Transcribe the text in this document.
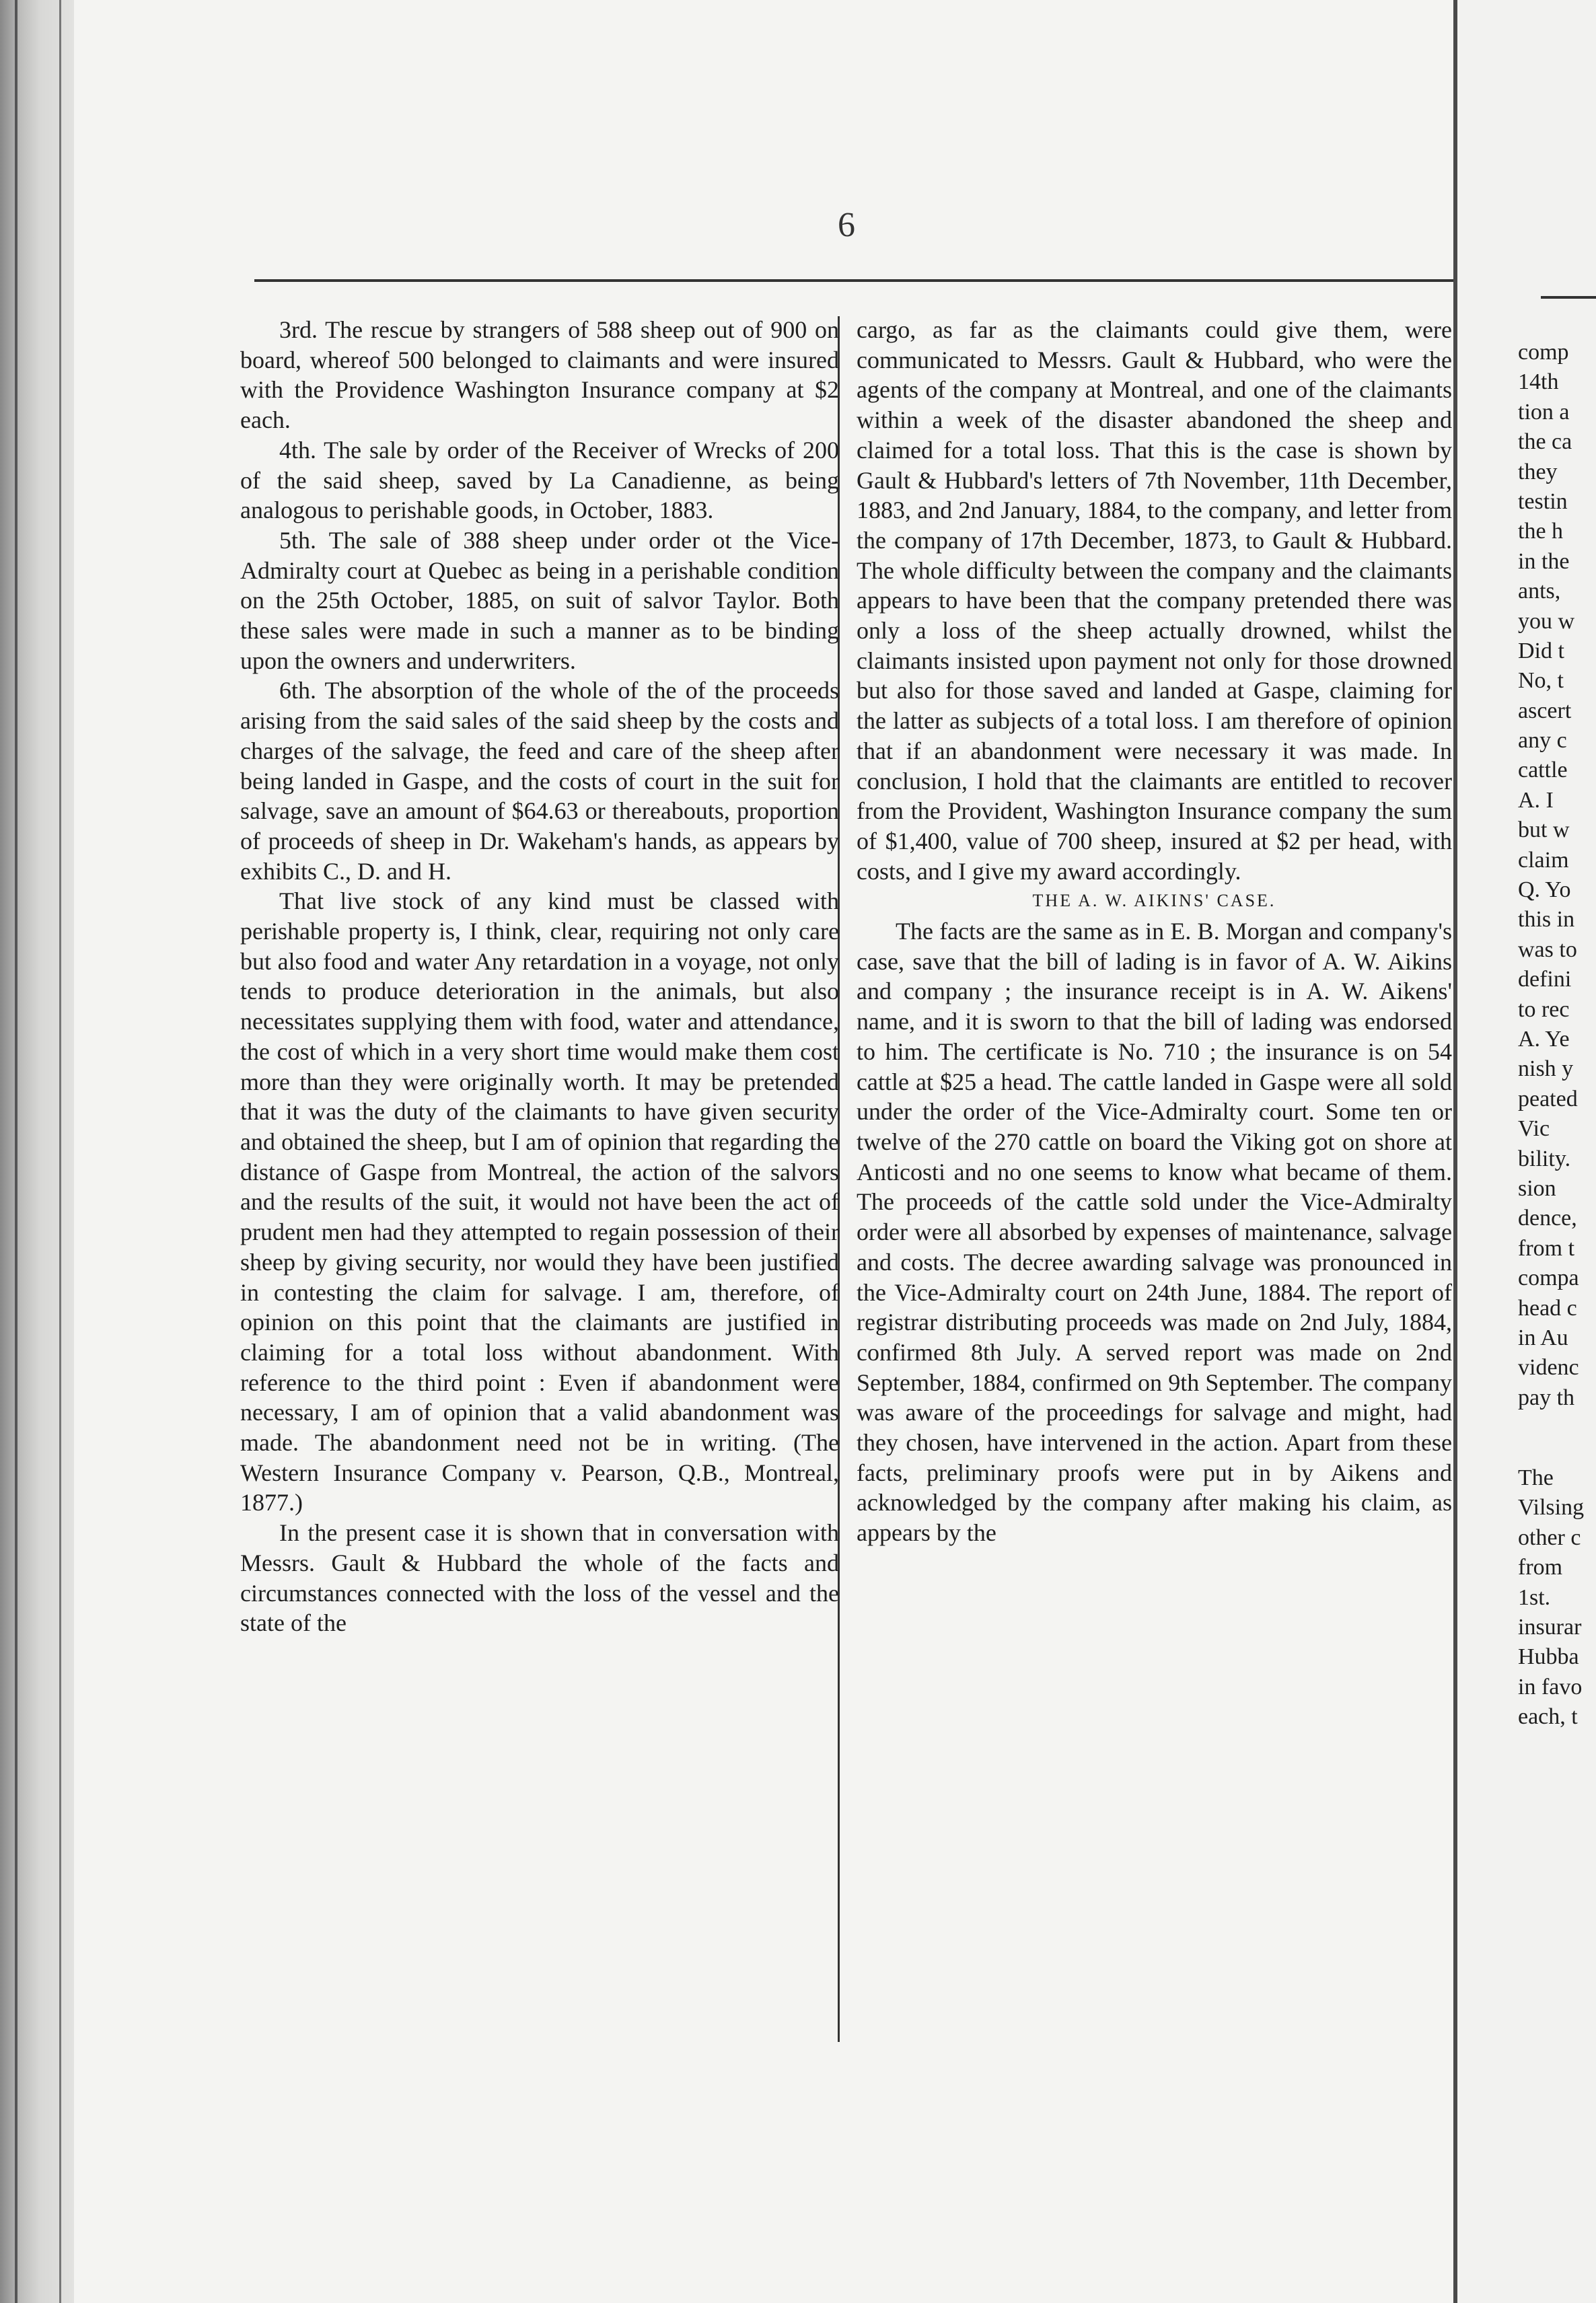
6

3rd. The rescue by strangers of 588 sheep out of 900 on board, whereof 500 belonged to claimants and were insured with the Providence Washington Insurance company at $2 each.

4th. The sale by order of the Receiver of Wrecks of 200 of the said sheep, saved by La Canadienne, as being analogous to perishable goods, in October, 1883.

5th. The sale of 388 sheep under order ot the Vice-Admiralty court at Quebec as being in a perishable condition on the 25th October, 1885, on suit of salvor Taylor. Both these sales were made in such a manner as to be binding upon the owners and underwriters.

6th. The absorption of the whole of the of the proceeds arising from the said sales of the said sheep by the costs and charges of the salvage, the feed and care of the sheep after being landed in Gaspe, and the costs of court in the suit for salvage, save an amount of $64.63 or thereabouts, proportion of proceeds of sheep in Dr. Wakeham's hands, as appears by exhibits C., D. and H.

That live stock of any kind must be classed with perishable property is, I think, clear, requiring not only care but also food and water Any retardation in a voyage, not only tends to produce deterioration in the animals, but also necessitates supplying them with food, water and attendance, the cost of which in a very short time would make them cost more than they were originally worth. It may be pretended that it was the duty of the claimants to have given security and obtained the sheep, but I am of opinion that regarding the distance of Gaspe from Montreal, the action of the salvors and the results of the suit, it would not have been the act of prudent men had they attempted to regain possession of their sheep by giving security, nor would they have been justified in contesting the claim for salvage. I am, therefore, of opinion on this point that the claimants are justified in claiming for a total loss without abandonment. With reference to the third point : Even if abandonment were necessary, I am of opinion that a valid abandonment was made. The abandonment need not be in writing. (The Western Insurance Company v. Pearson, Q.B., Montreal, 1877.)

In the present case it is shown that in conversation with Messrs. Gault & Hubbard the whole of the facts and circumstances connected with the loss of the vessel and the state of the

cargo, as far as the claimants could give them, were communicated to Messrs. Gault & Hubbard, who were the agents of the company at Montreal, and one of the claimants within a week of the disaster abandoned the sheep and claimed for a total loss. That this is the case is shown by Gault & Hubbard's letters of 7th November, 11th December, 1883, and 2nd January, 1884, to the company, and letter from the company of 17th December, 1873, to Gault & Hubbard. The whole difficulty between the company and the claimants appears to have been that the company pretended there was only a loss of the sheep actually drowned, whilst the claimants insisted upon payment not only for those drowned but also for those saved and landed at Gaspe, claiming for the latter as subjects of a total loss. I am therefore of opinion that if an abandonment were necessary it was made. In conclusion, I hold that the claimants are entitled to recover from the Provident, Washington Insurance company the sum of $1,400, value of 700 sheep, insured at $2 per head, with costs, and I give my award accordingly.

THE A. W. AIKINS' CASE.

The facts are the same as in E. B. Morgan and company's case, save that the bill of lading is in favor of A. W. Aikins and company ; the insurance receipt is in A. W. Aikens' name, and it is sworn to that the bill of lading was endorsed to him. The certificate is No. 710 ; the insurance is on 54 cattle at $25 a head. The cattle landed in Gaspe were all sold under the order of the Vice-Admiralty court. Some ten or twelve of the 270 cattle on board the Viking got on shore at Anticosti and no one seems to know what became of them. The proceeds of the cattle sold under the Vice-Admiralty order were all absorbed by expenses of maintenance, salvage and costs. The decree awarding salvage was pronounced in the Vice-Admiralty court on 24th June, 1884. The report of registrar distributing proceeds was made on 2nd July, 1884, confirmed 8th July. A served report was made on 2nd September, 1884, confirmed on 9th September. The company was aware of the proceedings for salvage and might, had they chosen, have intervened in the action. Apart from these facts, preliminary proofs were put in by Aikens and acknowledged by the company after making his claim, as appears by the

comp
14th
tion a
the ca
they
testin
the h
in the
ants,
you w
Did t
No, t
ascert
any c
cattle
A. I
but w
claim
Q. Yo
this in
was to
defini
to rec
A. Ye
nish y
peated
Vic
bility.
sion
dence,
from t
compa
head c
in Au
videnc
pay th
The
Vilsing
other c
from
1st.
insurar
Hubba
in favo
each, t
